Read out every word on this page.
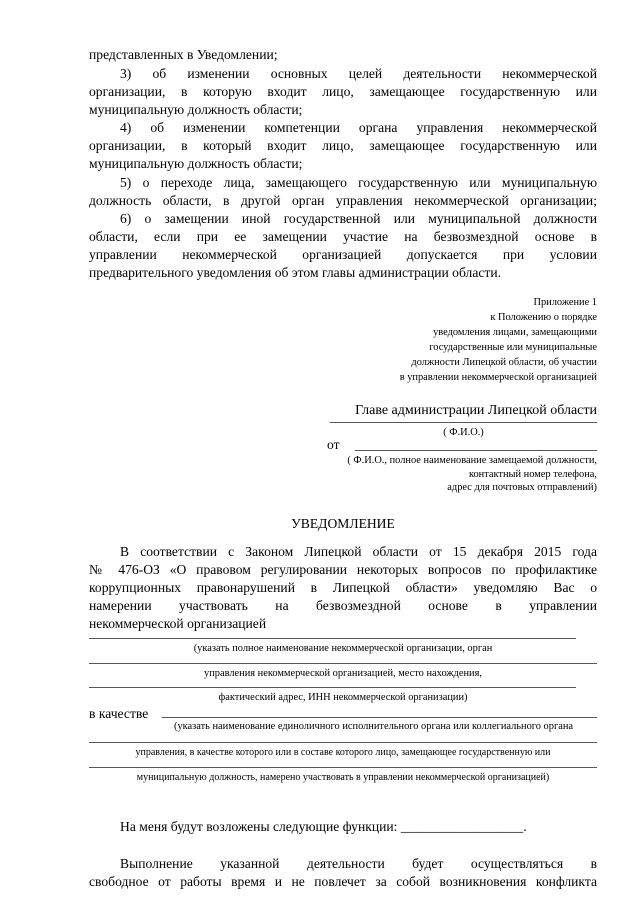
представленных в Уведомлении;
3) об изменении основных целей деятельности некоммерческой
организации, в которую входит лицо, замещающее государственную или
муниципальную должность области;
4) об изменении компетенции органа управления некоммерческой
организации, в который входит лицо, замещающее государственную или
муниципальную должность области;
5) о переходе лица, замещающего государственную или муниципальную
должность области, в другой орган управления некоммерческой организации;
6) о замещении иной государственной или муниципальной должности
области, если при ее замещении участие на безвозмездной основе в
управлении некоммерческой организацией допускается при условии
предварительного уведомления об этом главы администрации области.
Приложение 1
к Положению о порядке
уведомления лицами, замещающими
государственные или муниципальные
должности Липецкой области, об участии
в управлении некоммерческой организацией
Главе администрации Липецкой области
( Ф.И.О.)
от
( Ф.И.О., полное наименование замещаемой должности,
контактный номер телефона,
адрес для почтовых отправлений)
УВЕДОМЛЕНИЕ
В соответствии с Законом Липецкой области от 15 декабря 2015 года
№ 476-ОЗ «О правовом регулировании некоторых вопросов по профилактике
коррупционных правонарушений в Липецкой области» уведомляю Вас о
намерении участвовать на безвозмездной основе в управлении
некоммерческой организацией
(указать полное наименование некоммерческой организации, орган
управления некоммерческой организацией, место нахождения,
фактический адрес, ИНН некоммерческой организации)
в качестве
(указать наименование единоличного исполнительного органа или коллегиального органа
управления, в качестве которого или в составе которого лицо, замещающее государственную или
муниципальную должность, намерено участвовать в управлении некоммерческой организацией)
На меня будут возложены следующие функции: __________________.
Выполнение указанной деятельности будет осуществляться в
свободное от работы время и не повлечет за собой возникновения конфликта
